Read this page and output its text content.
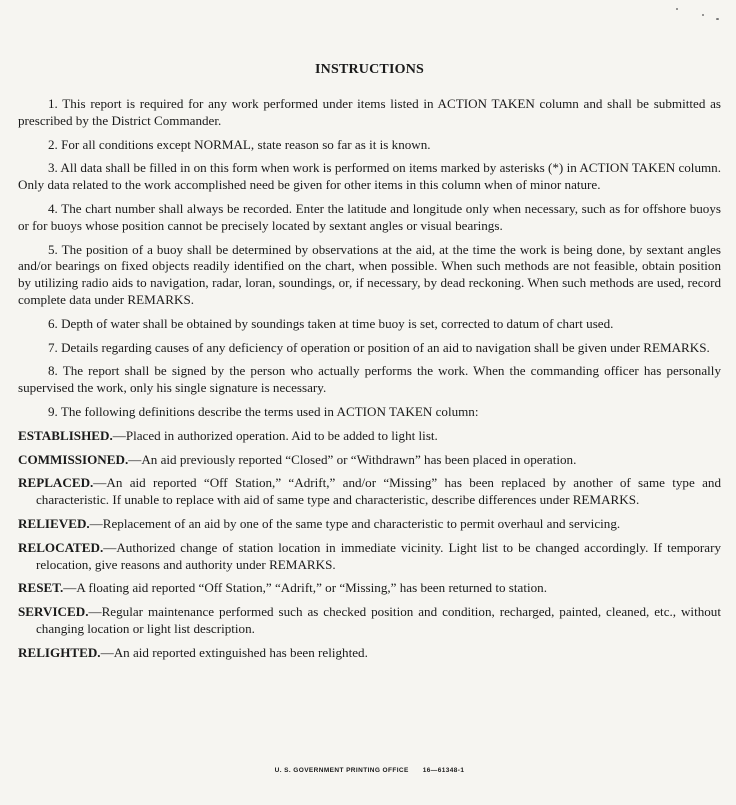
INSTRUCTIONS

1. This report is required for any work performed under items listed in ACTION TAKEN column and shall be submitted as prescribed by the District Commander.

2. For all conditions except NORMAL, state reason so far as it is known.

3. All data shall be filled in on this form when work is performed on items marked by asterisks (*) in ACTION TAKEN column. Only data related to the work accomplished need be given for other items in this column when of minor nature.

4. The chart number shall always be recorded. Enter the latitude and longitude only when necessary, such as for offshore buoys or for buoys whose position cannot be precisely located by sextant angles or visual bearings.

5. The position of a buoy shall be determined by observations at the aid, at the time the work is being done, by sextant angles and/or bearings on fixed objects readily identified on the chart, when possible. When such methods are not feasible, obtain position by utilizing radio aids to navigation, radar, loran, soundings, or, if necessary, by dead reckoning. When such methods are used, record complete data under REMARKS.

6. Depth of water shall be obtained by soundings taken at time buoy is set, corrected to datum of chart used.

7. Details regarding causes of any deficiency of operation or position of an aid to navigation shall be given under REMARKS.

8. The report shall be signed by the person who actually performs the work. When the commanding officer has personally supervised the work, only his single signature is necessary.

9. The following definitions describe the terms used in ACTION TAKEN column:

ESTABLISHED.—Placed in authorized operation. Aid to be added to light list.

COMMISSIONED.—An aid previously reported “Closed” or “Withdrawn” has been placed in operation.

REPLACED.—An aid reported “Off Station,” “Adrift,” and/or “Missing” has been replaced by another of same type and characteristic. If unable to replace with aid of same type and characteristic, describe differences under REMARKS.

RELIEVED.—Replacement of an aid by one of the same type and characteristic to permit overhaul and servicing.

RELOCATED.—Authorized change of station location in immediate vicinity. Light list to be changed accordingly. If temporary relocation, give reasons and authority under REMARKS.

RESET.—A floating aid reported “Off Station,” “Adrift,” or “Missing,” has been returned to station.

SERVICED.—Regular maintenance performed such as checked position and condition, recharged, painted, cleaned, etc., without changing location or light list description.

RELIGHTED.—An aid reported extinguished has been relighted.

U. S. GOVERNMENT PRINTING OFFICE 16—61348-1
